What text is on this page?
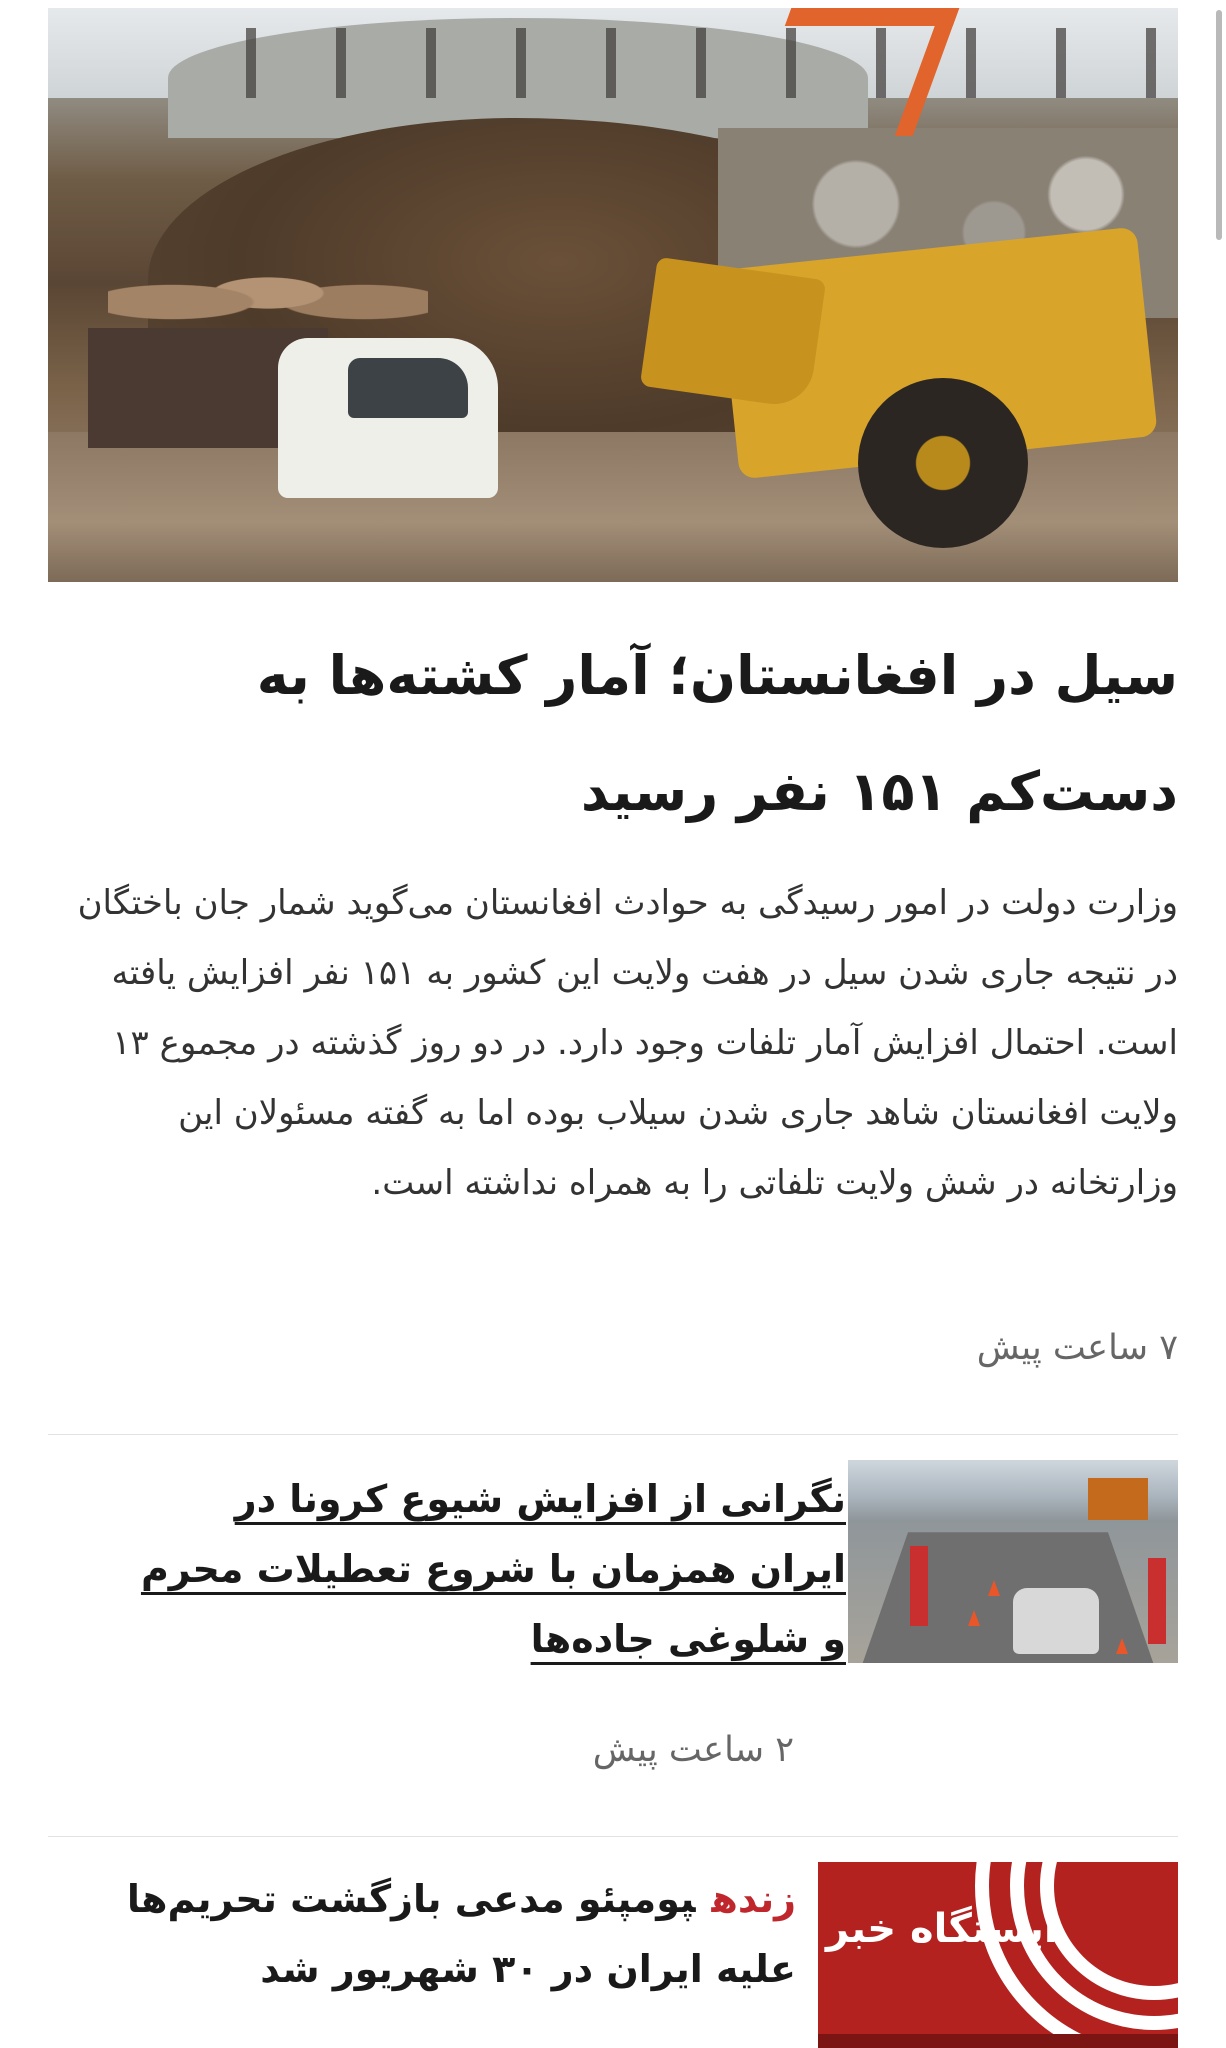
سیل در افغانستان؛ آمار کشته‌ها به دست‌کم ۱۵۱ نفر رسید

وزارت دولت در امور رسیدگی به حوادث افغانستان می‌گوید شمار جان باختگان در نتیجه جاری شدن سیل در هفت ولایت این کشور به ۱۵۱ نفر افزایش یافته است. احتمال افزایش آمار تلفات وجود دارد. در دو روز گذشته در مجموع ۱۳ ولایت افغانستان شاهد جاری شدن سیلاب بوده اما به گفته مسئولان این وزارتخانه در شش ولایت تلفاتی را به همراه نداشته است.

۷ ساعت پیش
نگرانی از افزایش شیوع کرونا در ایران همزمان با شروع تعطیلات محرم و شلوغی جاده‌ها
۲ ساعت پیش
ایستگاه خبر
زندهپومپئو مدعی بازگشت تحریم‌ها علیه ایران در ۳۰ شهریور شد
